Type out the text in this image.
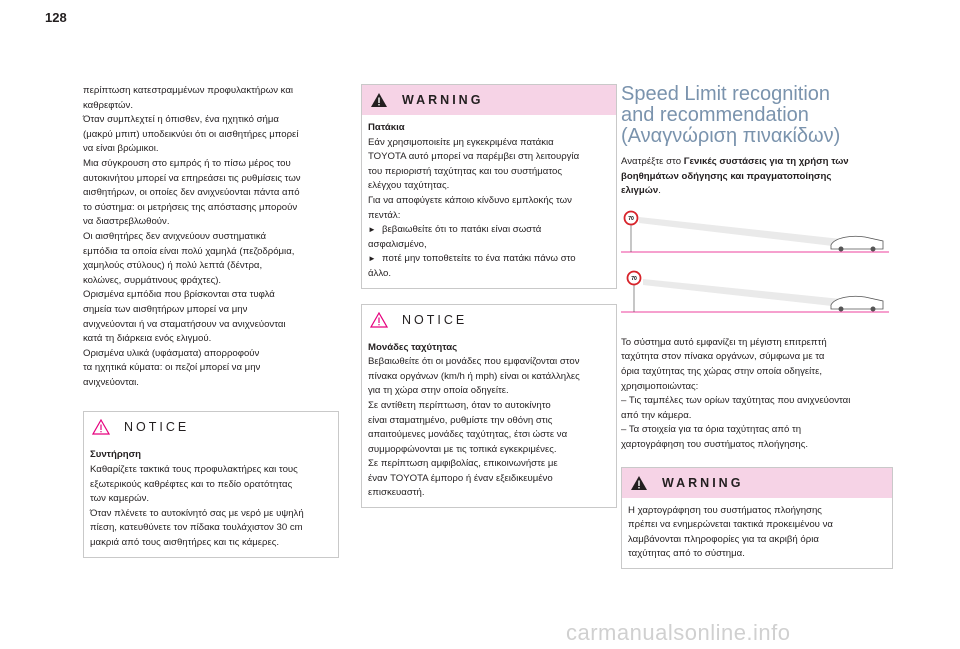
128

περίπτωση κατεστραμμένων προφυλακτήρων και

καθρεφτών.

Όταν συμπλεχτεί η όπισθεν, ένα ηχητικό σήμα

(μακρύ μπιπ) υποδεικνύει ότι οι αισθητήρες μπορεί

να είναι βρώμικοι.

Μια σύγκρουση στο εμπρός ή το πίσω μέρος του

αυτοκινήτου μπορεί να επηρεάσει τις ρυθμίσεις των

αισθητήρων, οι οποίες δεν ανιχνεύονται πάντα από

το σύστημα: οι μετρήσεις της απόστασης μπορούν

να διαστρεβλωθούν.

Οι αισθητήρες δεν ανιχνεύουν συστηματικά

εμπόδια τα οποία είναι πολύ χαμηλά (πεζοδρόμια,

χαμηλούς στύλους) ή πολύ λεπτά (δέντρα,

κολώνες, συρμάτινους φράχτες).

Ορισμένα εμπόδια που βρίσκονται στα τυφλά

σημεία των αισθητήρων μπορεί να μην

ανιχνεύονται ή να σταματήσουν να ανιχνεύονται

κατά τη διάρκεια ενός ελιγμού.

Ορισμένα υλικά (υφάσματα) απορροφούν

τα ηχητικά κύματα: οι πεζοί μπορεί να μην

ανιχνεύονται.

NOTICE

Συντήρηση

Καθαρίζετε τακτικά τους προφυλακτήρες και τους

εξωτερικούς καθρέφτες και το πεδίο ορατότητας

των καμερών.

Όταν πλένετε το αυτοκίνητό σας με νερό με υψηλή

πίεση, κατευθύνετε τον πίδακα τουλάχιστον 30 cm

μακριά από τους αισθητήρες και τις κάμερες.

WARNING

Πατάκια

Εάν χρησιμοποιείτε μη εγκεκριμένα πατάκια

TOYOTA αυτό μπορεί να παρέμβει στη λειτουργία

του περιοριστή ταχύτητας και του συστήματος

ελέγχου ταχύτητας.

Για να αποφύγετε κάποιο κίνδυνο εμπλοκής των

πεντάλ:

► βεβαιωθείτε ότι το πατάκι είναι σωστά

ασφαλισμένο,

► ποτέ μην τοποθετείτε το ένα πατάκι πάνω στο

άλλο.

NOTICE

Μονάδες ταχύτητας

Βεβαιωθείτε ότι οι μονάδες που εμφανίζονται στον

πίνακα οργάνων (km/h ή mph) είναι οι κατάλληλες

για τη χώρα στην οποία οδηγείτε.

Σε αντίθετη περίπτωση, όταν το αυτοκίνητο

είναι σταματημένο, ρυθμίστε την οθόνη στις

απαιτούμενες μονάδες ταχύτητας, έτσι ώστε να

συμμορφώνονται με τις τοπικά εγκεκριμένες.

Σε περίπτωση αμφιβολίας, επικοινωνήστε με

έναν TOYOTA έμπορο ή έναν εξειδικευμένο

επισκευαστή.

Speed Limit recognition
and recommendation
(Αναγνώριση πινακίδων)
Ανατρέξτε στο Γενικές συστάσεις για τη χρήση των
βοηθημάτων οδήγησης και πραγματοποίησης
ελιγμών.
70

70

Το σύστημα αυτό εμφανίζει τη μέγιστη επιτρεπτή

ταχύτητα στον πίνακα οργάνων, σύμφωνα με τα

όρια ταχύτητας της χώρας στην οποία οδηγείτε,

χρησιμοποιώντας:

– Τις ταμπέλες των ορίων ταχύτητας που ανιχνεύονται

από την κάμερα.

– Τα στοιχεία για τα όρια ταχύτητας από τη

χαρτογράφηση του συστήματος πλοήγησης.

WARNING

Η χαρτογράφηση του συστήματος πλοήγησης

πρέπει να ενημερώνεται τακτικά προκειμένου να

λαμβάνονται πληροφορίες για τα ακριβή όρια

ταχύτητας από το σύστημα.

carmanualsonline.info
